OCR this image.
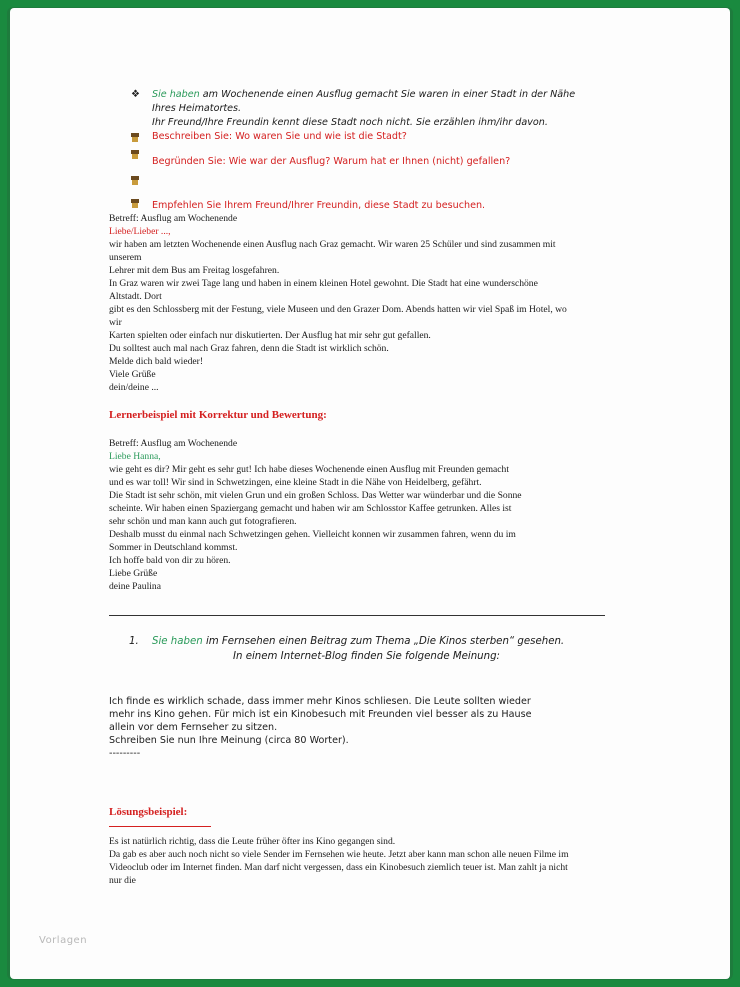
❖ Sie haben am Wochenende einen Ausflug gemacht Sie waren in einer Stadt in der Nähe
Ihres Heimatortes.
Ihr Freund/Ihre Freundin kennt diese Stadt noch nicht. Sie erzählen ihm/ihr davon.
Beschreiben Sie: Wo waren Sie und wie ist die Stadt?
Begründen Sie: Wie war der Ausflug? Warum hat er Ihnen (nicht) gefallen?
Empfehlen Sie Ihrem Freund/Ihrer Freundin, diese Stadt zu besuchen.
Betreff: Ausflug am Wochenende
Liebe/Lieber ...,
wir haben am letzten Wochenende einen Ausflug nach Graz gemacht. Wir waren 25 Schüler und sind zusammen mit
unserem
Lehrer mit dem Bus am Freitag losgefahren.
In Graz waren wir zwei Tage lang und haben in einem kleinen Hotel gewohnt. Die Stadt hat eine wunderschöne
Altstadt. Dort
gibt es den Schlossberg mit der Festung, viele Museen und den Grazer Dom. Abends hatten wir viel Spaß im Hotel, wo
wir
Karten spielten oder einfach nur diskutierten. Der Ausflug hat mir sehr gut gefallen.
Du solltest auch mal nach Graz fahren, denn die Stadt ist wirklich schön.
Melde dich bald wieder!
Viele Grüße
dein/deine ...
Lernerbeispiel mit Korrektur und Bewertung:
Betreff: Ausflug am Wochenende
Liebe Hanna,
wie geht es dir? Mir geht es sehr gut! Ich habe dieses Wochenende einen Ausflug mit Freunden gemacht
und es war toll! Wir sind in Schwetzingen, eine kleine Stadt in die Nähe von Heidelberg, gefährt.
Die Stadt ist sehr schön, mit vielen Grun und ein großen Schloss. Das Wetter war wünderbar und die Sonne
scheinte. Wir haben einen Spaziergang gemacht und haben wir am Schlosstor Kaffee getrunken. Alles ist
sehr schön und man kann auch gut fotografieren.
Deshalb musst du einmal nach Schwetzingen gehen. Vielleicht konnen wir zusammen fahren, wenn du im
Sommer in Deutschland kommst.
Ich hoffe bald von dir zu hören.
Liebe Grüße
deine Paulina
1. Sie haben im Fernsehen einen Beitrag zum Thema „Die Kinos sterben“ gesehen.
In einem Internet-Blog finden Sie folgende Meinung:
Ich finde es wirklich schade, dass immer mehr Kinos schliesen. Die Leute sollten wieder
mehr ins Kino gehen. Für mich ist ein Kinobesuch mit Freunden viel besser als zu Hause
allein vor dem Fernseher zu sitzen.
Schreiben Sie nun Ihre Meinung (circa 80 Worter).
---------
Lösungsbeispiel:
Es ist natürlich richtig, dass die Leute früher öfter ins Kino gegangen sind.
Da gab es aber auch noch nicht so viele Sender im Fernsehen wie heute. Jetzt aber kann man schon alle neuen Filme im
Videoclub oder im Internet finden. Man darf nicht vergessen, dass ein Kinobesuch ziemlich teuer ist. Man zahlt ja nicht
nur die
Vorlagen
